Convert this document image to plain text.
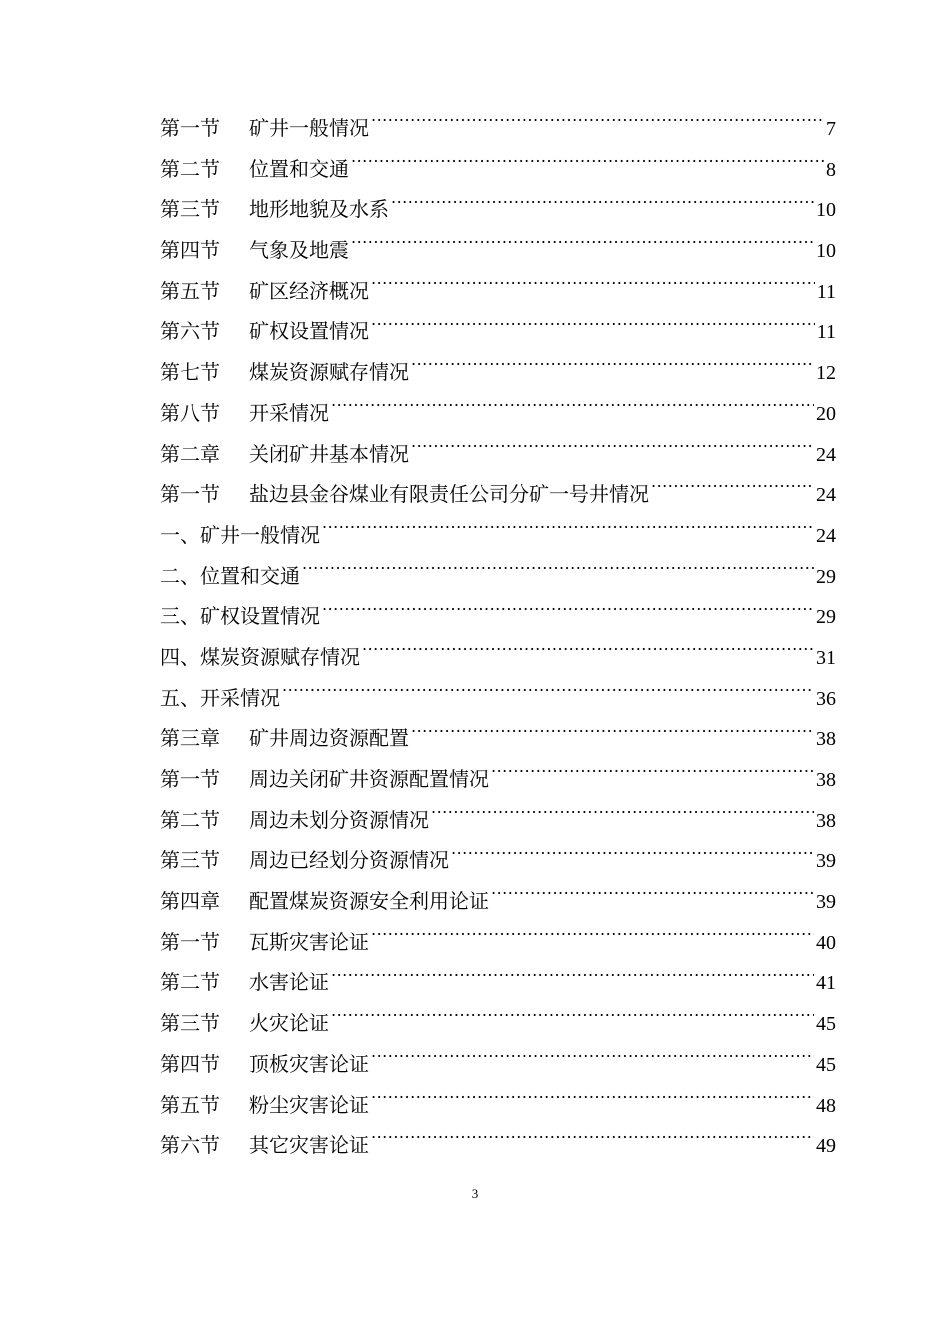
第一节 矿井一般情况 .....	7
第二节 位置和交通 .....	8
第三节 地形地貌及水系 .....	10
第四节 气象及地震 .....	10
第五节 矿区经济概况 .....	11
第六节 矿权设置情况 .....	11
第七节 煤炭资源赋存情况 .....	12
第八节 开采情况 .....	20
第二章 关闭矿井基本情况 .....	24
第一节 盐边县金谷煤业有限责任公司分矿一号井情况 .....	24
一、矿井一般情况 .....	24
二、位置和交通 .....	29
三、矿权设置情况 .....	29
四、煤炭资源赋存情况 .....	31
五、开采情况 .....	36
第三章 矿井周边资源配置 .....	38
第一节 周边关闭矿井资源配置情况 .....	38
第二节 周边未划分资源情况 .....	38
第三节 周边已经划分资源情况 .....	39
第四章 配置煤炭资源安全利用论证 .....	39
第一节 瓦斯灾害论证 .....	40
第二节 水害论证 .....	41
第三节 火灾论证 .....	45
第四节 顶板灾害论证 .....	45
第五节 粉尘灾害论证 .....	48
第六节 其它灾害论证 .....	49
3
